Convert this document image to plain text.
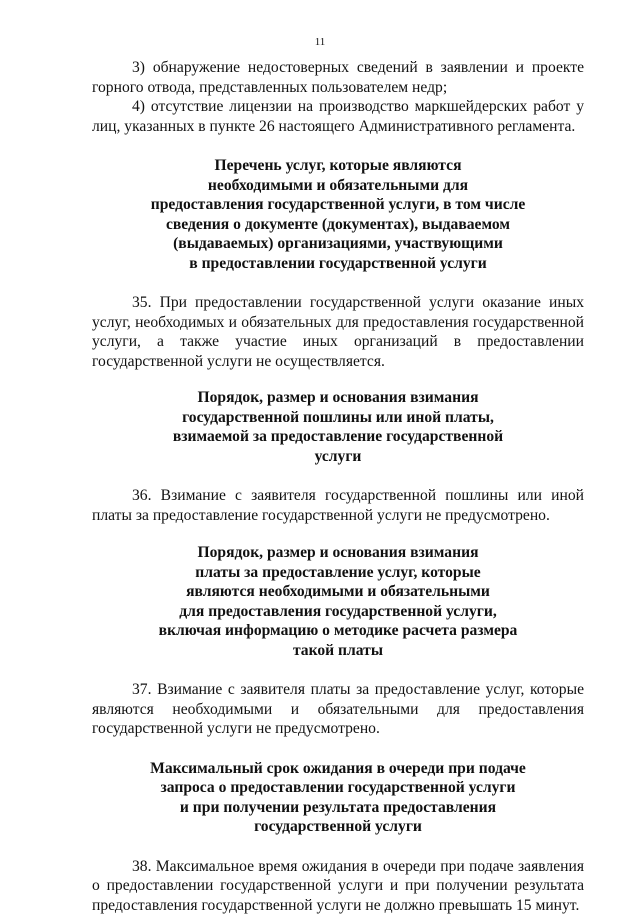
11

3) обнаружение недостоверных сведений в заявлении и проекте горного отвода, представленных пользователем недр;

4) отсутствие лицензии на производство маркшейдерских работ у лиц, указанных в пункте 26 настоящего Административного регламента.

Перечень услуг, которые являются
необходимыми и обязательными для
предоставления государственной услуги, в том числе
сведения о документе (документах), выдаваемом
(выдаваемых) организациями, участвующими
в предоставлении государственной услуги

35. При предоставлении государственной услуги оказание иных услуг, необходимых и обязательных для предоставления государственной услуги, а также участие иных организаций в предоставлении государственной услуги не осуществляется.

Порядок, размер и основания взимания
государственной пошлины или иной платы,
взимаемой за предоставление государственной
услуги

36. Взимание с заявителя государственной пошлины или иной платы за предоставление государственной услуги не предусмотрено.

Порядок, размер и основания взимания
платы за предоставление услуг, которые
являются необходимыми и обязательными
для предоставления государственной услуги,
включая информацию о методике расчета размера
такой платы

37. Взимание с заявителя платы за предоставление услуг, которые являются необходимыми и обязательными для предоставления государственной услуги не предусмотрено.

Максимальный срок ожидания в очереди при подаче
запроса о предоставлении государственной услуги
и при получении результата предоставления
государственной услуги

38. Максимальное время ожидания в очереди при подаче заявления о предоставлении государственной услуги и при получении результата предоставления государственной услуги не должно превышать 15 минут.
